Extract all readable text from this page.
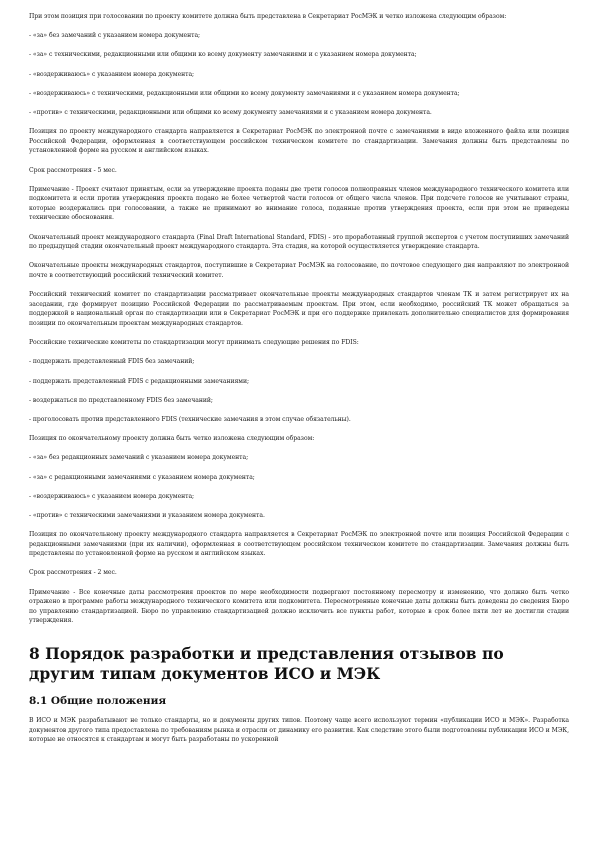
При этом позиция при голосовании по проекту комитете должна быть представлена в Секретариат РосМЭК и четко изложена следующим образом:

- «за» без замечаний с указанием номера документа;

- «за» с техническими, редакционными или общими ко всему документу замечаниями и с указанием номера документа;

- «воздерживаюсь» с указанием номера документа;

- «воздерживаюсь» с техническими, редакционными или общими ко всему документу замечаниями и с указанием номера документа;

- «против» с техническими, редакционными или общими ко всему документу замечаниями и с указанием номера документа.

Позиция по проекту международного стандарта направляется в Секретариат РосМЭК по электронной почте с замечаниями в виде вложенного файла или позиция Российской Федерации, оформленная в соответствующем российском техническом комитете по стандартизации. Замечания должны быть представлены по установленной форме на русском и английском языках.

Срок рассмотрения - 5 мес.

Примечание - Проект считают принятым, если за утверждение проекта поданы две трети голосов полноправных членов международного технического комитета или подкомитета и если против утверждения проекта подано не более четвертой части голосов от общего числа членов. При подсчете голосов не учитывают страны, которые воздержались при голосовании, а также не принимают во внимание голоса, поданные против утверждения проекта, если при этом не приведены технические обоснования.

Окончательный проект международного стандарта (Final Draft International Standard, FDIS) - это проработанный группой экспертов с учетом поступивших замечаний по предыдущей стадии окончательный проект международного стандарта. Эта стадия, на которой осуществляется утверждение стандарта.

Окончательные проекты международных стандартов, поступившие в Секретариат РосМЭК на голосование, по почтовое следующего дня направляют по электронной почте в соответствующий российский технический комитет.

Российский технический комитет по стандартизации рассматривает окончательные проекты международных стандартов членам ТК и затем регистрирует их на заседании, где формирует позицию Российской Федерации по рассматриваемым проектам. При этом, если необходимо, российский ТК может обращаться за поддержкой в национальный орган по стандартизации или в Секретариат РосМЭК и при его поддержке привлекать дополнительно специалистов для формирования позиции по окончательным проектам международных стандартов.

Российские технические комитеты по стандартизации могут принимать следующие решения по FDIS:

- поддержать представленный FDIS без замечаний;

- поддержать представленный FDIS с редакционными замечаниями;

- воздержаться по представленному FDIS без замечаний;

- проголосовать против представленного FDIS (технические замечания в этом случае обязательны).

Позиция по окончательному проекту должна быть четко изложена следующим образом:

- «за» без редакционных замечаний с указанием номера документа;

- «за» с редакционными замечаниями с указанием номера документа;

- «воздерживаюсь» с указанием номера документа;

- «против» с техническими замечаниями и указанием номера документа.

Позиция по окончательному проекту международного стандарта направляется в Секретариат РосМЭК по электронной почте или позиция Российской Федерации с редакционными замечаниями (при их наличии), оформленная в соответствующем российском техническом комитете по стандартизации. Замечания должны быть представлены по установленной форме на русском и английском языках.

Срок рассмотрения - 2 мес.

Примечание - Все конечные даты рассмотрения проектов по мере необходимости подвергают постоянному пересмотру и изменению, что должно быть четко отражено в программе работы международного технического комитета или подкомитета. Пересмотренные конечные даты должны быть доведены до сведения Бюро по управлению стандартизацией. Бюро по управлению стандартизацией должно исключить все пункты работ, которые в срок более пяти лет не достигли стадии утверждения.

8 Порядок разработки и представления отзывов по другим типам документов ИСО и МЭК
8.1 Общие положения

В ИСО и МЭК разрабатывают не только стандарты, но и документы других типов. Поэтому чаще всего используют термин «публикации ИСО и МЭК». Разработка документов другого типа предоставлена по требованиям рынка и отрасли от динамику его развития. Как следствие этого были подготовлены публикации ИСО и МЭК, которые не относятся к стандартам и могут быть разработаны по ускоренной
